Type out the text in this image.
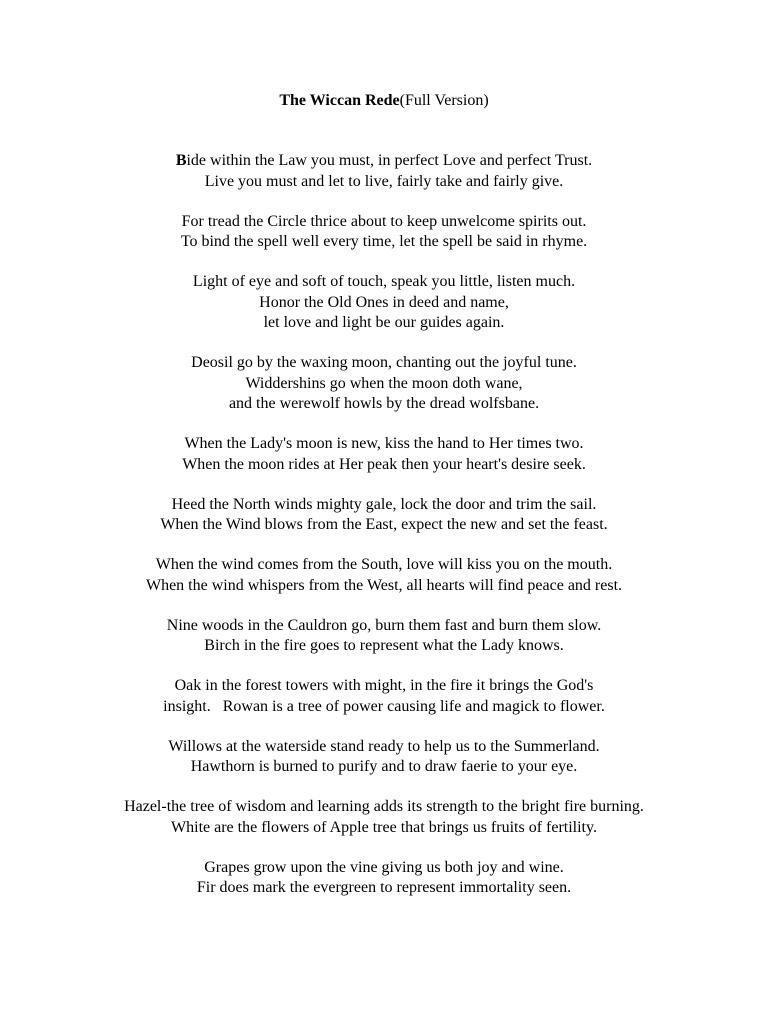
The Wiccan Rede(Full Version)

Bide within the Law you must, in perfect Love and perfect Trust.
Live you must and let to live, fairly take and fairly give.

For tread the Circle thrice about to keep unwelcome spirits out.
To bind the spell well every time, let the spell be said in rhyme.

Light of eye and soft of touch, speak you little, listen much.
Honor the Old Ones in deed and name,
let love and light be our guides again.

Deosil go by the waxing moon, chanting out the joyful tune.
Widdershins go when the moon doth wane,
and the werewolf howls by the dread wolfsbane.

When the Lady's moon is new, kiss the hand to Her times two.
When the moon rides at Her peak then your heart's desire seek.

Heed the North winds mighty gale, lock the door and trim the sail.
When the Wind blows from the East, expect the new and set the feast.

When the wind comes from the South, love will kiss you on the mouth.
When the wind whispers from the West, all hearts will find peace and rest.

Nine woods in the Cauldron go, burn them fast and burn them slow.
Birch in the fire goes to represent what the Lady knows.

Oak in the forest towers with might, in the fire it brings the God's
insight.   Rowan is a tree of power causing life and magick to flower.

Willows at the waterside stand ready to help us to the Summerland.
Hawthorn is burned to purify and to draw faerie to your eye.

Hazel-the tree of wisdom and learning adds its strength to the bright fire burning.
White are the flowers of Apple tree that brings us fruits of fertility.

Grapes grow upon the vine giving us both joy and wine.
Fir does mark the evergreen to represent immortality seen.
